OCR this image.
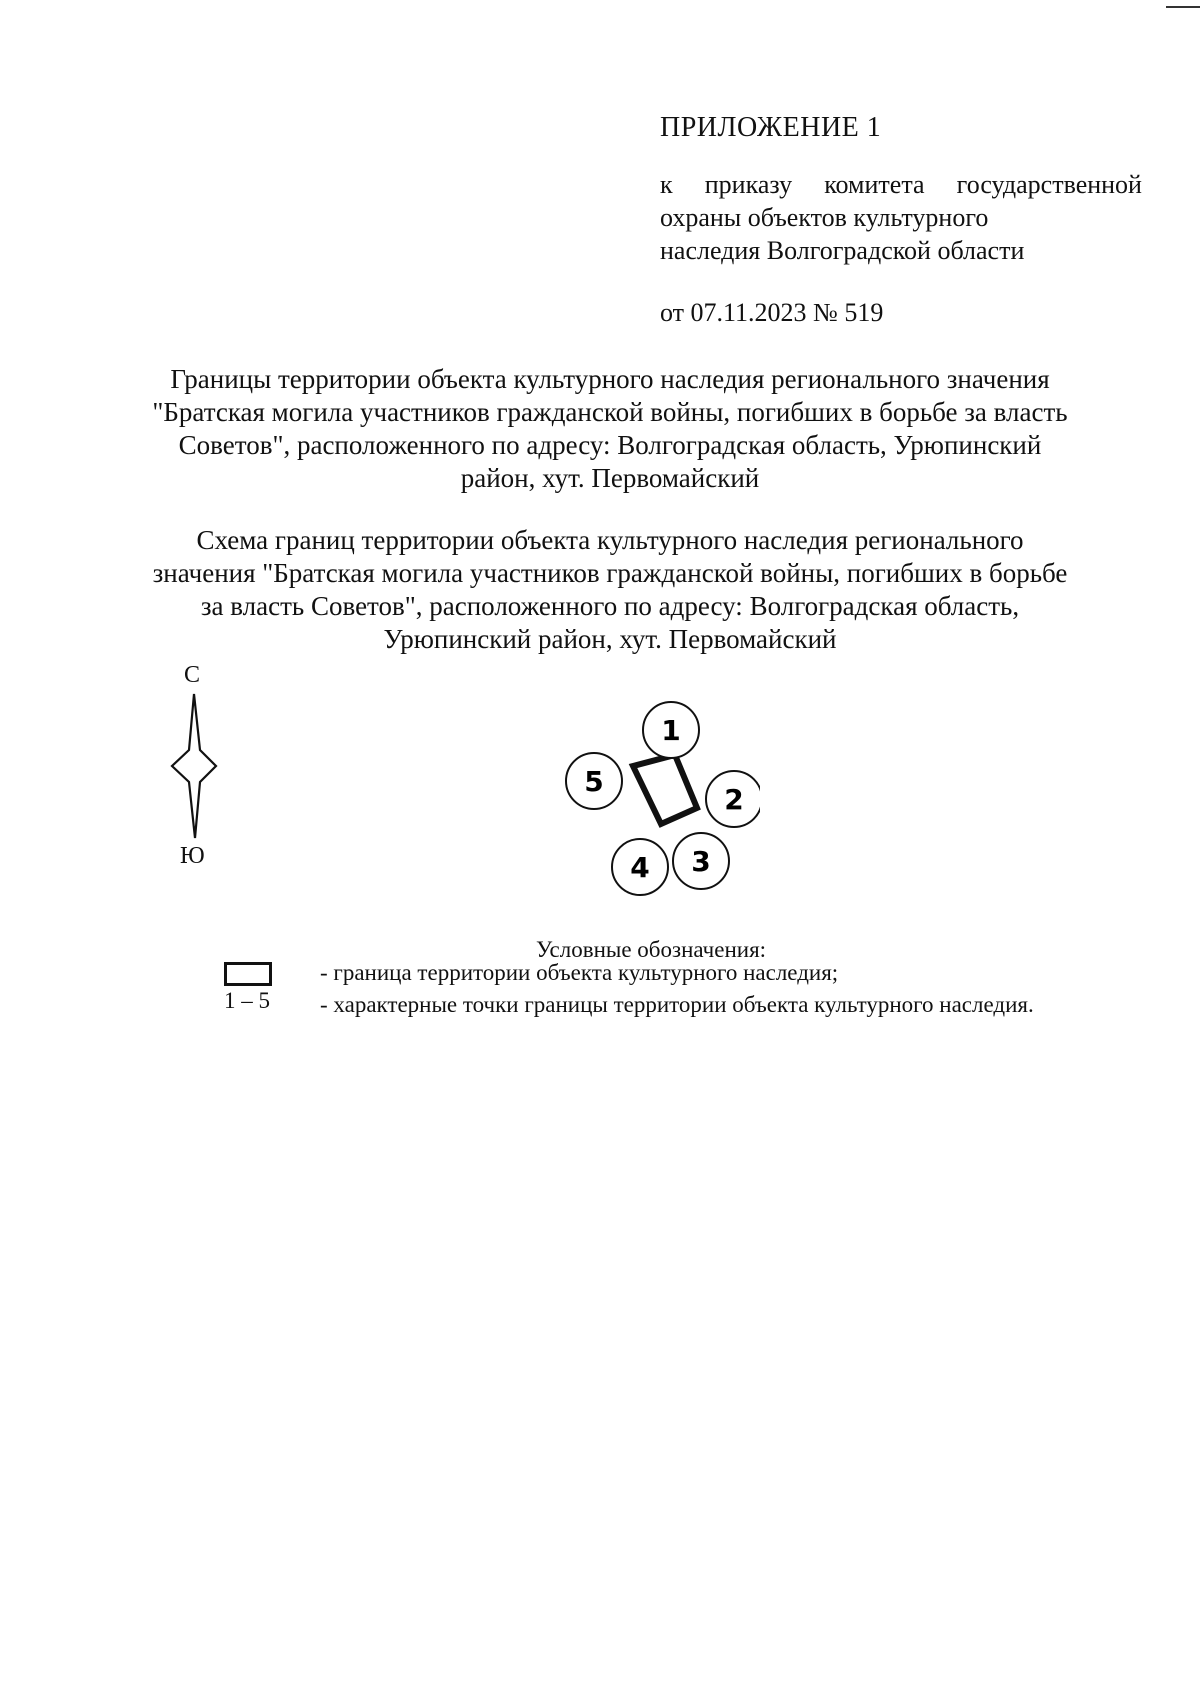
ПРИЛОЖЕНИЕ 1
к приказу комитета государственной
охраны объектов культурного
наследия Волгоградской области
от 07.11.2023 № 519
Границы территории объекта культурного наследия регионального значения
"Братская могила участников гражданской войны, погибших в борьбе за власть
Советов", расположенного по адресу: Волгоградская область, Урюпинский
район, хут. Первомайский
Схема границ территории объекта культурного наследия регионального
значения "Братская могила участников гражданской войны, погибших в борьбе
за власть Советов", расположенного по адресу: Волгоградская область,
Урюпинский район, хут. Первомайский
С
Ю
1
2
4 3
5
Условные обозначения:
- граница территории объекта культурного наследия;
1 – 5 - характерные точки границы территории объекта культурного наследия.
